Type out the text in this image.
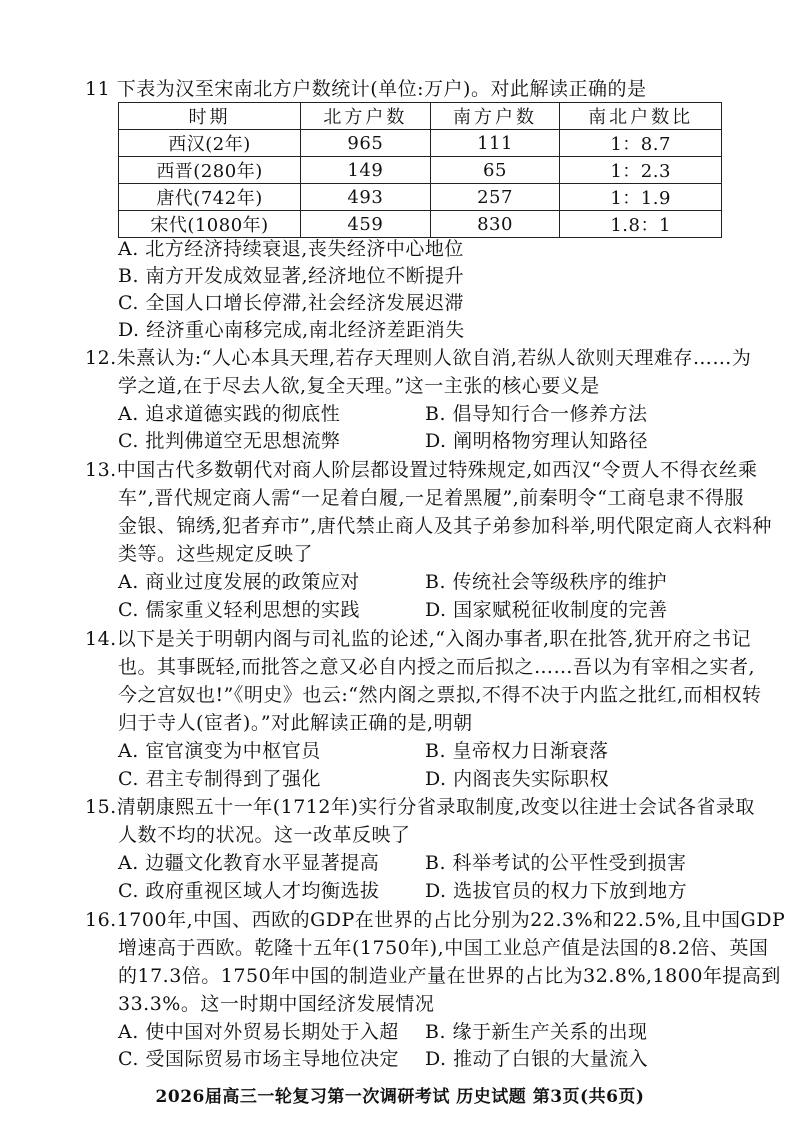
11 下表为汉至宋南北方户数统计(单位:万户)。对此解读正确的是
时期	北方户数	南方户数	南北户数比
西汉(2年)	965	111	1：8.7
西晋(280年)	149	65	1：2.3
唐代(742年)	493	257	1：1.9
宋代(1080年)	459	830	1.8：1
A. 北方经济持续衰退,丧失经济中心地位
B. 南方开发成效显著,经济地位不断提升
C. 全国人口增长停滞,社会经济发展迟滞
D. 经济重心南移完成,南北经济差距消失
12.朱熹认为:“人心本具天理,若存天理则人欲自消,若纵人欲则天理难存……为
学之道,在于尽去人欲,复全天理。”这一主张的核心要义是
A. 追求道德实践的彻底性	B. 倡导知行合一修养方法
C. 批判佛道空无思想流弊	D. 阐明格物穷理认知路径
13.中国古代多数朝代对商人阶层都设置过特殊规定,如西汉“令贾人不得衣丝乘
车”,晋代规定商人需“一足着白履,一足着黑履”,前秦明令“工商皂隶不得服
金银、锦绣,犯者弃市”,唐代禁止商人及其子弟参加科举,明代限定商人衣料种
类等。这些规定反映了
A. 商业过度发展的政策应对	B. 传统社会等级秩序的维护
C. 儒家重义轻利思想的实践	D. 国家赋税征收制度的完善
14.以下是关于明朝内阁与司礼监的论述,“入阁办事者,职在批答,犹开府之书记
也。其事既轻,而批答之意又必自内授之而后拟之……吾以为有宰相之实者,
今之宫奴也!”《明史》也云:“然内阁之票拟,不得不决于内监之批红,而相权转
归于寺人(宦者)。”对此解读正确的是,明朝
A. 宦官演变为中枢官员	B. 皇帝权力日渐衰落
C. 君主专制得到了强化	D. 内阁丧失实际职权
15.清朝康熙五十一年(1712年)实行分省录取制度,改变以往进士会试各省录取
人数不均的状况。这一改革反映了
A. 边疆文化教育水平显著提高 B. 科举考试的公平性受到损害
C. 政府重视区域人才均衡选拔 D. 选拔官员的权力下放到地方
16.1700年,中国、西欧的GDP在世界的占比分别为22.3%和22.5%,且中国GDP
增速高于西欧。乾隆十五年(1750年),中国工业总产值是法国的8.2倍、英国
的17.3倍。1750年中国的制造业产量在世界的占比为32.8%,1800年提高到
33.3%。这一时期中国经济发展情况
A. 使中国对外贸易长期处于入超 B. 缘于新生产关系的出现
C. 受国际贸易市场主导地位决定 D. 推动了白银的大量流入
2026届高三一轮复习第一次调研考试 历史试题 第3页(共6页)
